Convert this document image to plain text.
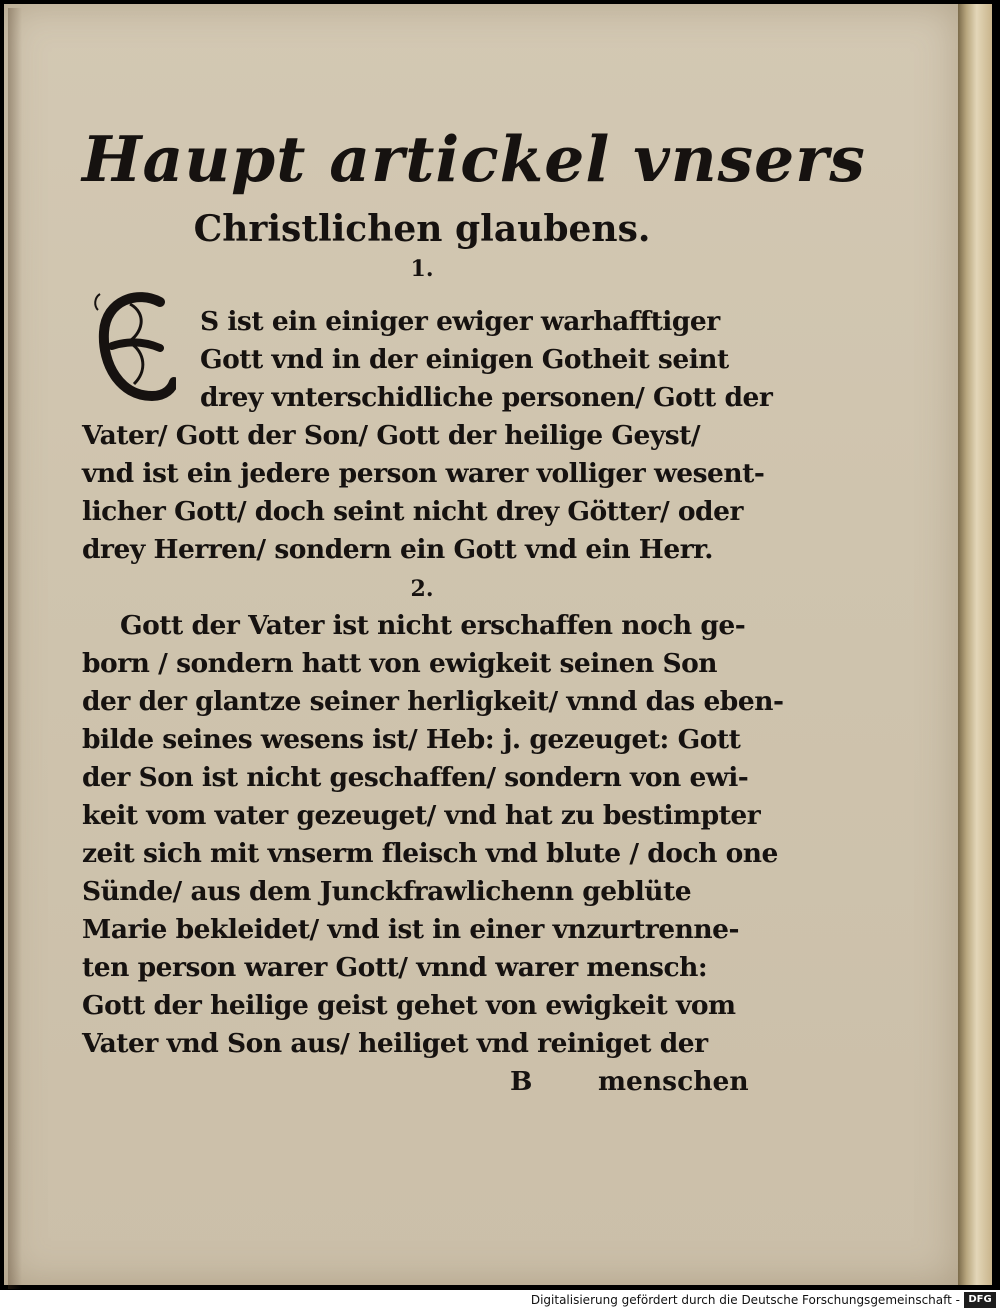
Haupt artickel vnsers
Christlichen glaubens.
1.
E
S ist ein einiger ewiger warhafftiger
Gott vnd in der einigen Gotheit seint
drey vnterschidliche personen/ Gott der
Vater/ Gott der Son/ Gott der heilige Geyst/
vnd ist ein jedere person warer volliger wesent-
licher Gott/ doch seint nicht drey Götter/ oder
drey Herren/ sondern ein Gott vnd ein Herr.
2.
Gott der Vater ist nicht erschaffen noch ge-
born / sondern hatt von ewigkeit seinen Son
der der glantze seiner herligkeit/ vnnd das eben-
bilde seines wesens ist/ Heb: j. gezeuget: Gott
der Son ist nicht geschaffen/ sondern von ewi-
keit vom vater gezeuget/ vnd hat zu bestimpter
zeit sich mit vnserm fleisch vnd blute / doch one
Sünde/ aus dem Junckfrawlichenn geblüte
Marie bekleidet/ vnd ist in einer vnzurtrenne-
ten person warer Gott/ vnnd warer mensch:
Gott der heilige geist gehet von ewigkeit vom
Vater vnd Son aus/ heiliget vnd reiniget der
B menschen
Digitalisierung gefördert durch die Deutsche Forschungsgemeinschaft - DFG
